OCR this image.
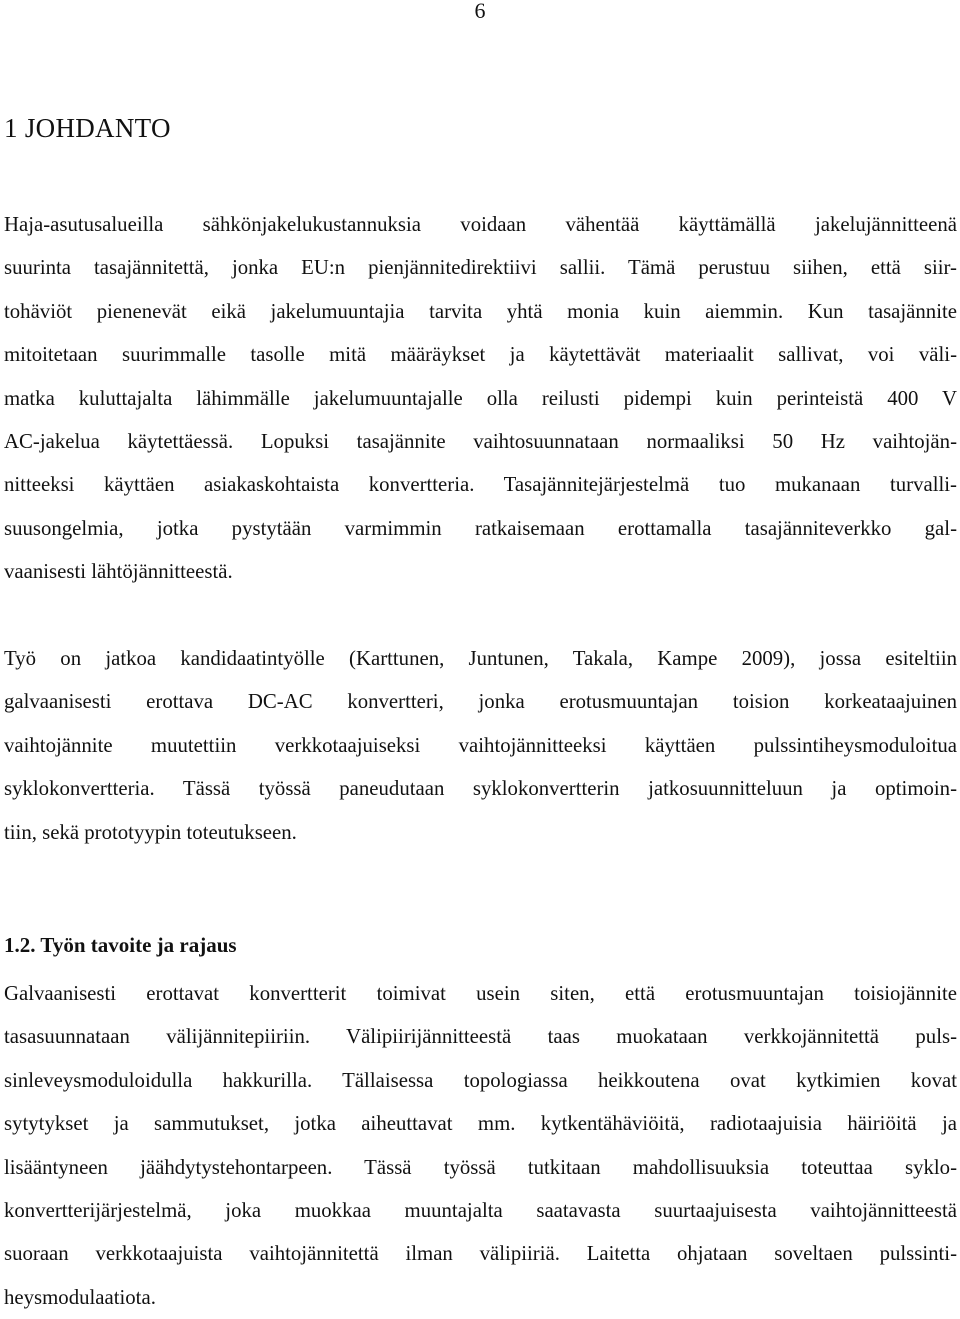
6
1 JOHDANTO

Haja-asutusalueilla sähkönjakelukustannuksia voidaan vähentää käyttämällä jakelujännitteenä
suurinta tasajännitettä, jonka EU:n pienjännitedirektiivi sallii. Tämä perustuu siihen, että siir-
tohäviöt pienenevät eikä jakelumuuntajia tarvita yhtä monia kuin aiemmin. Kun tasajännite
mitoitetaan suurimmalle tasolle mitä määräykset ja käytettävät materiaalit sallivat, voi väli-
matka kuluttajalta lähimmälle jakelumuuntajalle olla reilusti pidempi kuin perinteistä 400 V
AC-jakelua käytettäessä. Lopuksi tasajännite vaihtosuunnataan normaaliksi 50 Hz vaihtojän-
nitteeksi käyttäen asiakaskohtaista konvertteria. Tasajännitejärjestelmä tuo mukanaan turvalli-
suusongelmia, jotka pystytään varmimmin ratkaisemaan erottamalla tasajänniteverkko gal-
vaanisesti lähtöjännitteestä.

Työ on jatkoa kandidaatintyölle (Karttunen, Juntunen, Takala, Kampe 2009), jossa esiteltiin
galvaanisesti erottava DC-AC konvertteri, jonka erotusmuuntajan toision korkeataajuinen
vaihtojännite muutettiin verkkotaajuiseksi vaihtojännitteeksi käyttäen pulssintiheysmoduloitua
syklokonvertteria. Tässä työssä paneudutaan syklokonvertterin jatkosuunnitteluun ja optimoin-
tiin, sekä prototyypin toteutukseen.

1.2. Työn tavoite ja rajaus

Galvaanisesti erottavat konvertterit toimivat usein siten, että erotusmuuntajan toisiojännite
tasasuunnataan välijännitepiiriin. Välipiirijännitteestä taas muokataan verkkojännitettä puls-
sinleveysmoduloidulla hakkurilla. Tällaisessa topologiassa heikkoutena ovat kytkimien kovat
sytytykset ja sammutukset, jotka aiheuttavat mm. kytkentähäviöitä, radiotaajuisia häiriöitä ja
lisääntyneen jäähdytystehontarpeen. Tässä työssä tutkitaan mahdollisuuksia toteuttaa syklo-
konvertterijärjestelmä, joka muokkaa muuntajalta saatavasta suurtaajuisesta vaihtojännitteestä
suoraan verkkotaajuista vaihtojännitettä ilman välipiiriä. Laitetta ohjataan soveltaen pulssinti-
heysmodulaatiota.
